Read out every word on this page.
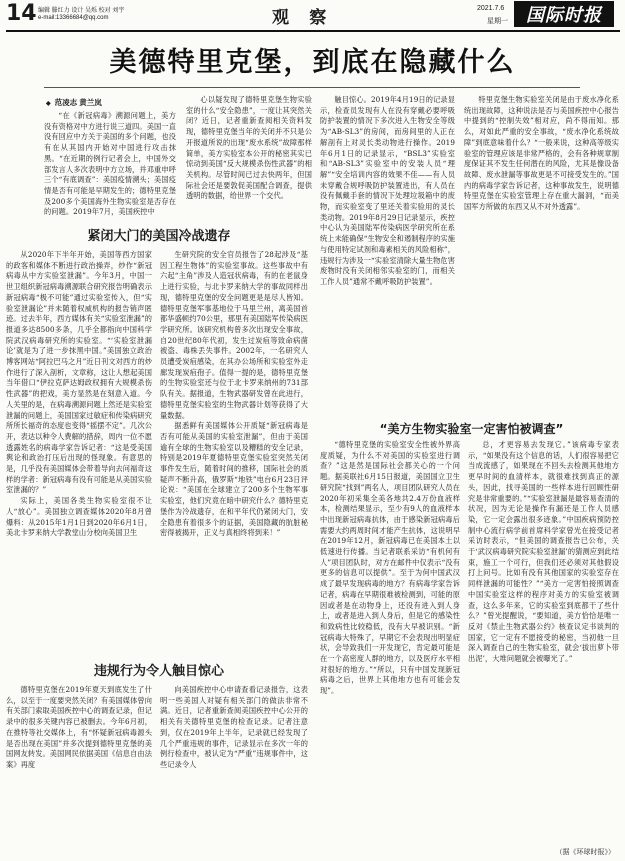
14 编辑 滕红力 设计 吴烁 校对 刘宇
e-mail:13366684@qq.com	观 察	2021.7.6
星期一	国际时报
美德特里克堡，到底在隐藏什么
◆ 范凌志 黄兰岚

“在《新冠病毒》溯源问题上，美方没有资格对中方进行说三道四。美国一直没有回应中方关于美国的多个问题，也没有在从其国内开始对中国进行攻击抹黑。“在近期的例行记者会上，中国外交部发言人多次表明中方立场，并邓重申呼三个“有底调查”：美国疫情溯头；美国疫情是否有可能是早期发生的；德特里克堡及200多个美国海外生物实验室是否存在的问题。2019年7月，美国疾控中

心以疑发现了德特里克堡生物实验室的什么“安全隐患”，一度让其突然关闭？近日，记者重新查阅相关资料发现，德特里克堡当年的关闭并不只是公开报道所说的出现“废水系统”故障那样简单，美方实验室本公开的秘密其实已惊动到美国“反大规模杀伤性武器”的相关机构。尽管时间已过去快两年，但国际社会还是要敦促美国配合调查，提供透明的数据，给世界一个交代。

触目惊心。2019年4月19日的记录显示，检查员发现有人在没有穿戴必要呼吸防护装置的情况下多次进入生物安全等级为“AB-SL3”的房间，而房间里的人正在解剖有上对灵长类动物进行操作。2019年6月1日的记录显示，“BSL3”实验室和“AB-SL3”实验室中的安装人员“理解”“安全培训内容的效果不佳——有人员未穿戴合规呼吸防护装置进出，有人员在没有佩戴手套的情况下处理垃圾箱中的废物，而实验室变了里还关着实验用的灵长类动物。2019年8月29日记录显示，疾控中心认为美国陆军传染病医学研究所在系统上未能确保“生物安全和遏制程序的实施与使用特定试剂和毒素相关的风险相称”，违规行为涉及一“实验室清除大量生物危害废物时没有关闭相邻实验室的门，而相关工作人员”通常不戴呼吸防护装置”。

特里克堡生物实验室关闭是由于废水净化系统出现故障，这种说法是否与美国疾控中心报告中提到的“控制失效”相对应，尚不得而知。那么，对如此严重的安全事故，“废水净化系统故障”到底意味着什么？“一般来说，这种高等级实验室的管理应该是非常严格的，会有各种规章制度保证其不发生任何潜在的风险，尤其是像设备故障、废水泄漏等事故更是不可接受发生的。”国内的病毒学家告诉记者，这种事故发生，说明德特里克堡在实验室管理上存在重大漏洞，“而美国军方所做的东西又从不对外透露”。

紧闭大门的美国冷战遗存

从2020年下半年开始，美国等西方国家的政客和媒体不断进行政治操弄，炒作“新冠病毒从中方实验室泄漏”。今年3月，中国一世卫组织新冠病毒溯源联合研究报告明确表示新冠病毒“极不可能”通过实验室传入，但“实验室泄漏论”并未随着权威机构的报告销声匿迹。过去半年，西方媒体有关“实验室泄漏”的报道多达8500多条，几乎全都指向中国科学院武汉病毒研究所的实验室。“‘实验室泄漏论’就是为了进一步抹黑中国。”美国独立政治博客网站“阿拉巴马之月”近日刊文对西方的炒作进行了深入剖析，文章称，这让人想起美国当年借口“伊拉克萨达姆政权拥有大规模杀伤性武器”的把戏，美方显然是在刻意入道。今人关里的是，在病毒溯源问题上然还是实验室泄漏的问题上，美国国家过敏症和传染病研究所所长福奇的态度也变得“摇摆不定”。几次公开，表达以种令人费解的措辞，周内一位不愿透露姓名的病毒学家告诉记者：“这是受美国舆论和政治打压后出现的怪现象。有意思的是，几乎没有美国媒体会带着导向去问福奇这样的学者：新冠病毒有没有可能是从美国实验室泄漏的？”

实际上，美国各类生物实验室很不让人“放心”。美国独立调查媒体2020年8月曾爆料：从2015年1月1日到2020年6月1日，美北卡罗来纳大学教堂山分校向美国卫生

生研究院的安全官员报告了28起涉及“基因工程生物体”的实验室事故。这些事故中有六起“主角”涉及人造冠状病毒，有的在老鼠身上进行实验，与北卡罗来纳大学的事故同样出现，德特里克堡的安全问题更是是尽人皆知。德特里克堡军事基地位于马里兰州，离美国首都华盛顿约70公里，那里有美国陆军传染病医学研究所。该研究机构曾多次出现安全事故，自20世纪80年代初，发生过炭疽等致命病菌被盗、毒株丢失事件。2002年，一名研究人员遭受炭疽感染，在其办公场所和实验室外走廊发现炭疽孢子。值得一提的是，德特里克堡的生物实验室还与位于北卡罗来纳州的731部队有关。据报道，生物武器研发曾在此进行，德特里克堡实验室的生物武器计划等获得了大量数据。

据悉鲜有美国媒体公开质疑“新冠病毒是否有可能从美国的实验室泄漏”，但由于美国逾有全球的生物实验室以及糟糕的安全记录，特别是2019年夏德特里克堡实验室突然关闭事件发生后，随着时间的推移，国际社会的质疑声不断升高，俄罗斯“地铁”电台6月23日评论说：“美国在全球建立了200多个生物军事实验室，他们究竟在暗中研究什么？德特里克堡作为冷战遗存，在和平年代仍紧闭大门，安全隐患有着很多个的证据，美国隐藏的肮脏秘密得被揭开，正义与真相终将到来！”

违规行为令人触目惊心

德特里克堡在2019年夏天到底发生了什么，以至于一度要突然关闭？有美国媒体曾向有关部门索取美国疾控中心的调查记录，但记录中的很多关键内容已被删去。今年6月初，在推特等社交媒体上，有“怀疑新冠病毒源头是否出现在美国”并多次提到德特里克堡的美国网友转发。美国网民依据美国《信息自由法案》再度

向美国疾控中心申请查看记录报告，这表明一些美国人对疑有相关部门的做法非常不满。近日，记者重新查阅美国疾控中心公开的相关有关德特里克堡的检查记录。记者注意到，仅在2019年上半年，记录就已经发现了几个严重违规的事件，记录显示在多次一年的例行检查中，被认定为“严重”违规事件中，这些记录令人

“美方生物实验室一定害怕被调查”

“德特里克堡的实验室安全性被外界高度质疑，为什么不对美国的实验室进行调查？”这是然是国际社会都关心的一个问题。据美联社6月15日报道，美国国立卫生研究院“找到”两名人，项目团队研究人员在2020年初采集全美各地共2.4万份血液样本，检测结果显示，至少有9人的血液样本中出现新冠病毒抗体，由于感染新冠病毒后需要大约两周时间才能产生抗体，这说明早在2019年12月，新冠病毒已在美国本土以低速进行传播。当记者联系采访“有机何有人”项目团队时，对方在邮件中仅表示“没有更多的信息可以提供”。至于为何中国武汉成了最早发现病毒的地方？有病毒学家告诉记者，病毒在早期很难被检测到，可能的原因或者是在动物身上，还没有进入到人身上，或者是进入到人身后，但是它的感染性和致病性比较稳低，没有大早被识别。“新冠病毒大特殊了，早期它不会表现出明显症状，会导致我们一开发现它，肯定最可能是在一个高密度人群的地方，以及医疗水平相对很好的地方。”“所以，只有中国发现新冠病毒之后，世界上其他地方也有可能会发现”。

总，才更容易去发现它。”该病毒专家表示，“如果没有这个信息的话，人们很容易把它当成流感了，如果现在不回头去检测其他地方更早时间的血清样本，就很难找到真正的源头，因此，找寻美国的一些样本进行回顾性研究是非常重要的。”“实验室泄漏是最容易查清的状况，因为无论是操作有漏还是工作人员感染，它一定会露出很多迹象。”中国疾病预防控制中心流行病学前首席科学家曾光在接受记者采访时表示，“但美国的调查报告已公布，关于‘武汉病毒研究院实验室泄漏’的猜测应到此结束，施工一个可行，但我们还必须对其他假设打上问号。比如有没有其他国家的实验室存在同样泄漏的可能性？”“美方一定害怕接照调查中国实验室这样的程序对美方的实验室被调查，这么多年来，它的实验室到底都干了些什么？”曾光提醒说，“要知道，美方恰恰是唯一反对《禁止生物武器公约》核查议定书谈判的国家，它一定有不愿接受的秘密，当初他一旦深入调查自己的生物实验室，就会‘拔出萝卜带出泥’，大堆问题就会被曝光了。”

（据《环球时报》）
